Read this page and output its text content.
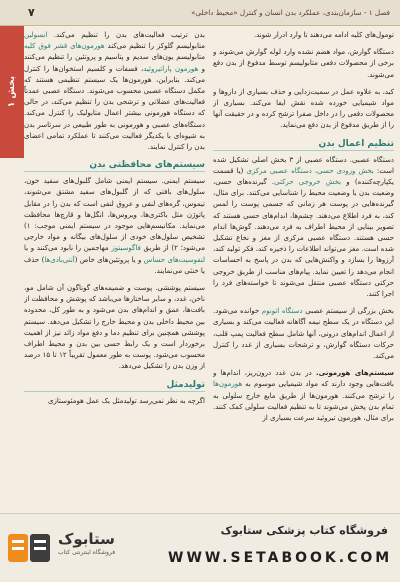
فصل ۱ - سازمان‌بندی، عملکرد بدن انسان و کنترل «محیط داخلی»
۷
بخش ۱

تومول‌های کلیه ادامه می‌دهند تا وارد ادرار شوند.

دستگاه گوارش، مواد هضم نشده وارد لوله گوارش می‌شوند و برخی از محصولات دفعی متابولیسم توسط مدفوع از بدن دفع می‌شوند.

کبد، به علاوه عمل در سمیت‌زدایی و حذف بسیاری از داروها و مواد شیمیایی خورده شده نقش ایفا می‌کند. بسیاری از محصولات دفعی را در داخل صفرا ترشح کرده و در حقیقت آنها را از طریق مدفوع از بدن دفع می‌نماید.

تنظیم اعمال بدن

دستگاه عصبی. دستگاه عصبی از ۳ بخش اصلی تشکیل شده است: بخش ورودی حسی، دستگاه عصبی مرکزی (یا قسمت یکپارچه‌کننده) و بخش خروجی حرکتی. گیرنده‌های حسی، وضعیت بدن یا وضعیت محیط را شناسایی می‌کنند. برای مثال، گیرنده‌هایی در پوست هر زمانی که جسمی پوست را لمس کند، به فرد اطلاع می‌دهند. چشم‌ها، اندام‌های حسی هستند که تصویر بینایی از محیط اطراف به فرد می‌دهند. گوش‌ها اندام حسی هستند. دستگاه عصبی مرکزی از مغز و نخاع تشکیل شده است. مغز می‌تواند اطلاعات را ذخیره کند، فکر تولید کند، آرزوها را بسازد و واکنش‌هایی که بدن در پاسخ به احساسات انجام می‌دهد را تعیین نماید. پیام‌های مناسب از طریق خروجی حرکتی دستگاه عصبی منتقل می‌شوند تا خواسته‌های فرد را اجرا کنند.

بخش بزرگی از سیستم عصبی دستگاه اتونوم خوانده می‌شود. این دستگاه در یک سطح نیمه آگاهانه فعالیت می‌کند و بسیاری از اعمال اندام‌های درونی، آنها شامل سطح فعالیت پمپ قلب، حرکات دستگاه گوارش، و ترشحات بسیاری از غدد را کنترل می‌کند.

سیستم‌های هورمونی. در بدن غدد درون‌ریز، اندام‌ها و بافت‌هایی وجود دارند که مواد شیمیایی موسوم به هورمون‌ها را ترشح می‌کنند. هورمون‌ها از طریق مایع خارج سلولی به تمام بدن پخش می‌شوند تا به تنظیم فعالیت سلولی کمک کنند. برای مثال، هورمون تیروئید سرعت بسیاری از

بدن ترتیب فعالیت‌های بدن را تنظیم می‌کند. انسولین متابولیسم گلوکز را تنظیم می‌کند هورمون‌های قشر فوق کلیه متابولیسم یون‌های سدیم و پتاسیم و پروتئین را تنظیم می‌کنند و هورمون پاراتیروئید، فسفات و کلسیم استخوان‌ها را کنترل می‌کند. بنابراین، هورمون‌ها یک سیستم تنظیمی هستند که مکمل دستگاه عصبی محسوب می‌شوند. دستگاه عصبی عمدتاً فعالیت‌های عضلانی و ترشحی بدن را تنظیم می‌کند، در حالی که دستگاه هورمونی بیشتر اعمال متابولیک را کنترل می‌کند. دستگاه‌های عصبی و هورمونی به طور طبیعی در سرتاسر بدن به شیوه‌ای با یکدیگر فعالیت می‌کنند تا عملکرد تمامی اعضای بدن را کنترل نمایند.

سیستم‌های محافظتی بدن

سیستم ایمنی. سیستم ایمنی شامل گلبول‌های سفید خون، سلول‌های بافتی که از گلبول‌های سفید مشتق می‌شوند، تیموس، گره‌های لنفی و عروق لنفی است که بدن را در مقابل پاتوژن مثل باکتری‌ها، ویروس‌ها، انگل‌ها و قارچ‌ها محافظت می‌نماید. مکانیسم‌هایی موجود در سیستم ایمنی موجب: ۱) تشخیص سلول‌های خودی از سلول‌های بیگانه و مواد خارجی می‌شود؛ ۲) از طریق فاگوسیتوز مهاجمین را نابود می‌کنند و یا لنفوسیت‌های حساس و یا پروتئین‌های خاص (آنتی‌بادی‌ها) حذف یا خنثی می‌نمایند.

سیستم پوششی. پوست و ضمیمه‌های گوناگون آن شامل مو، ناخن، غدد، و سایر ساختارها می‌باشد که پوشش و محافظت از بافت‌ها، عمق و اندام‌های بدن می‌شود و به طور کل، محدوده بین محیط داخلی بدن و محیط خارج را تشکیل می‌دهد. سیستم پوششی همچنین برای تنظیم دما و دفع مواد زائد نیز از اهمیت برخوردار است و یک رابط حسی بین بدن و محیط اطراف محسوب می‌شود. پوست به طور معمول تقریباً ۱۲ تا ۱۵ درصد از وزن بدن را تشکیل می‌دهد.

تولیدمثل

اگرچه به نظر نمی‌رسد تولیدمثل یک عمل هومئوستازی

ستابوک
فروشگاه اینترنتی کتاب
فروشگاه کتاب پزشکی ستابوک
WWW.SETABOOK.COM
